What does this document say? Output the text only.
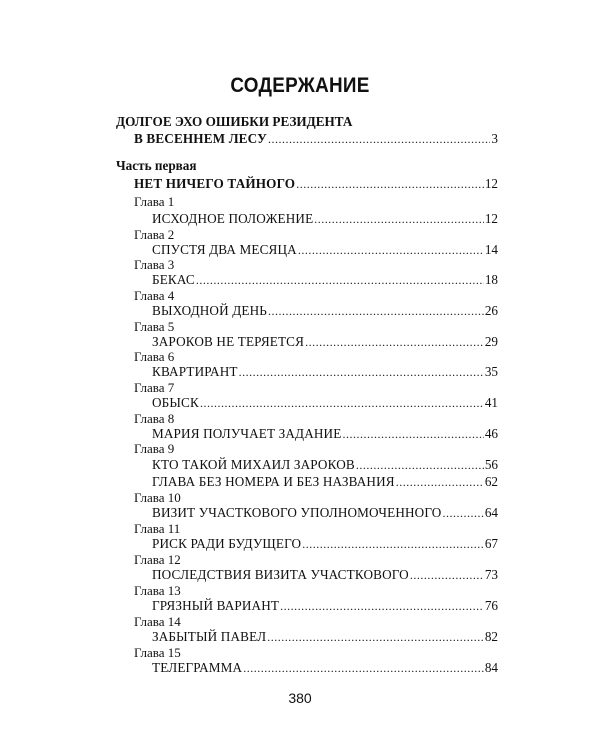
СОДЕРЖАНИЕ
ДОЛГОЕ ЭХО ОШИБКИ РЕЗИДЕНТА
В ВЕСЕННЕМ ЛЕСУ .....	3
Часть первая
НЕТ НИЧЕГО ТАЙНОГО .....	12
Глава 1
ИСХОДНОЕ ПОЛОЖЕНИЕ .....	12
Глава 2
СПУСТЯ ДВА МЕСЯЦА .....	14
Глава 3
БЕКАС .....	18
Глава 4
ВЫХОДНОЙ ДЕНЬ .....	26
Глава 5
ЗАРОКОВ НЕ ТЕРЯЕТСЯ .....	29
Глава 6
КВАРТИРАНТ .....	35
Глава 7
ОБЫСК .....	41
Глава 8
МАРИЯ ПОЛУЧАЕТ ЗАДАНИЕ .....	46
Глава 9
КТО ТАКОЙ МИХАИЛ ЗАРОКОВ .....	56
ГЛАВА БЕЗ НОМЕРА И БЕЗ НАЗВАНИЯ .....	62
Глава 10
ВИЗИТ УЧАСТКОВОГО УПОЛНОМОЧЕННОГО .....	64
Глава 11
РИСК РАДИ БУДУЩЕГО .....	67
Глава 12
ПОСЛЕДСТВИЯ ВИЗИТА УЧАСТКОВОГО .....	73
Глава 13
ГРЯЗНЫЙ ВАРИАНТ .....	76
Глава 14
ЗАБЫТЫЙ ПАВЕЛ .....	82
Глава 15
ТЕЛЕГРАММА .....	84
380
